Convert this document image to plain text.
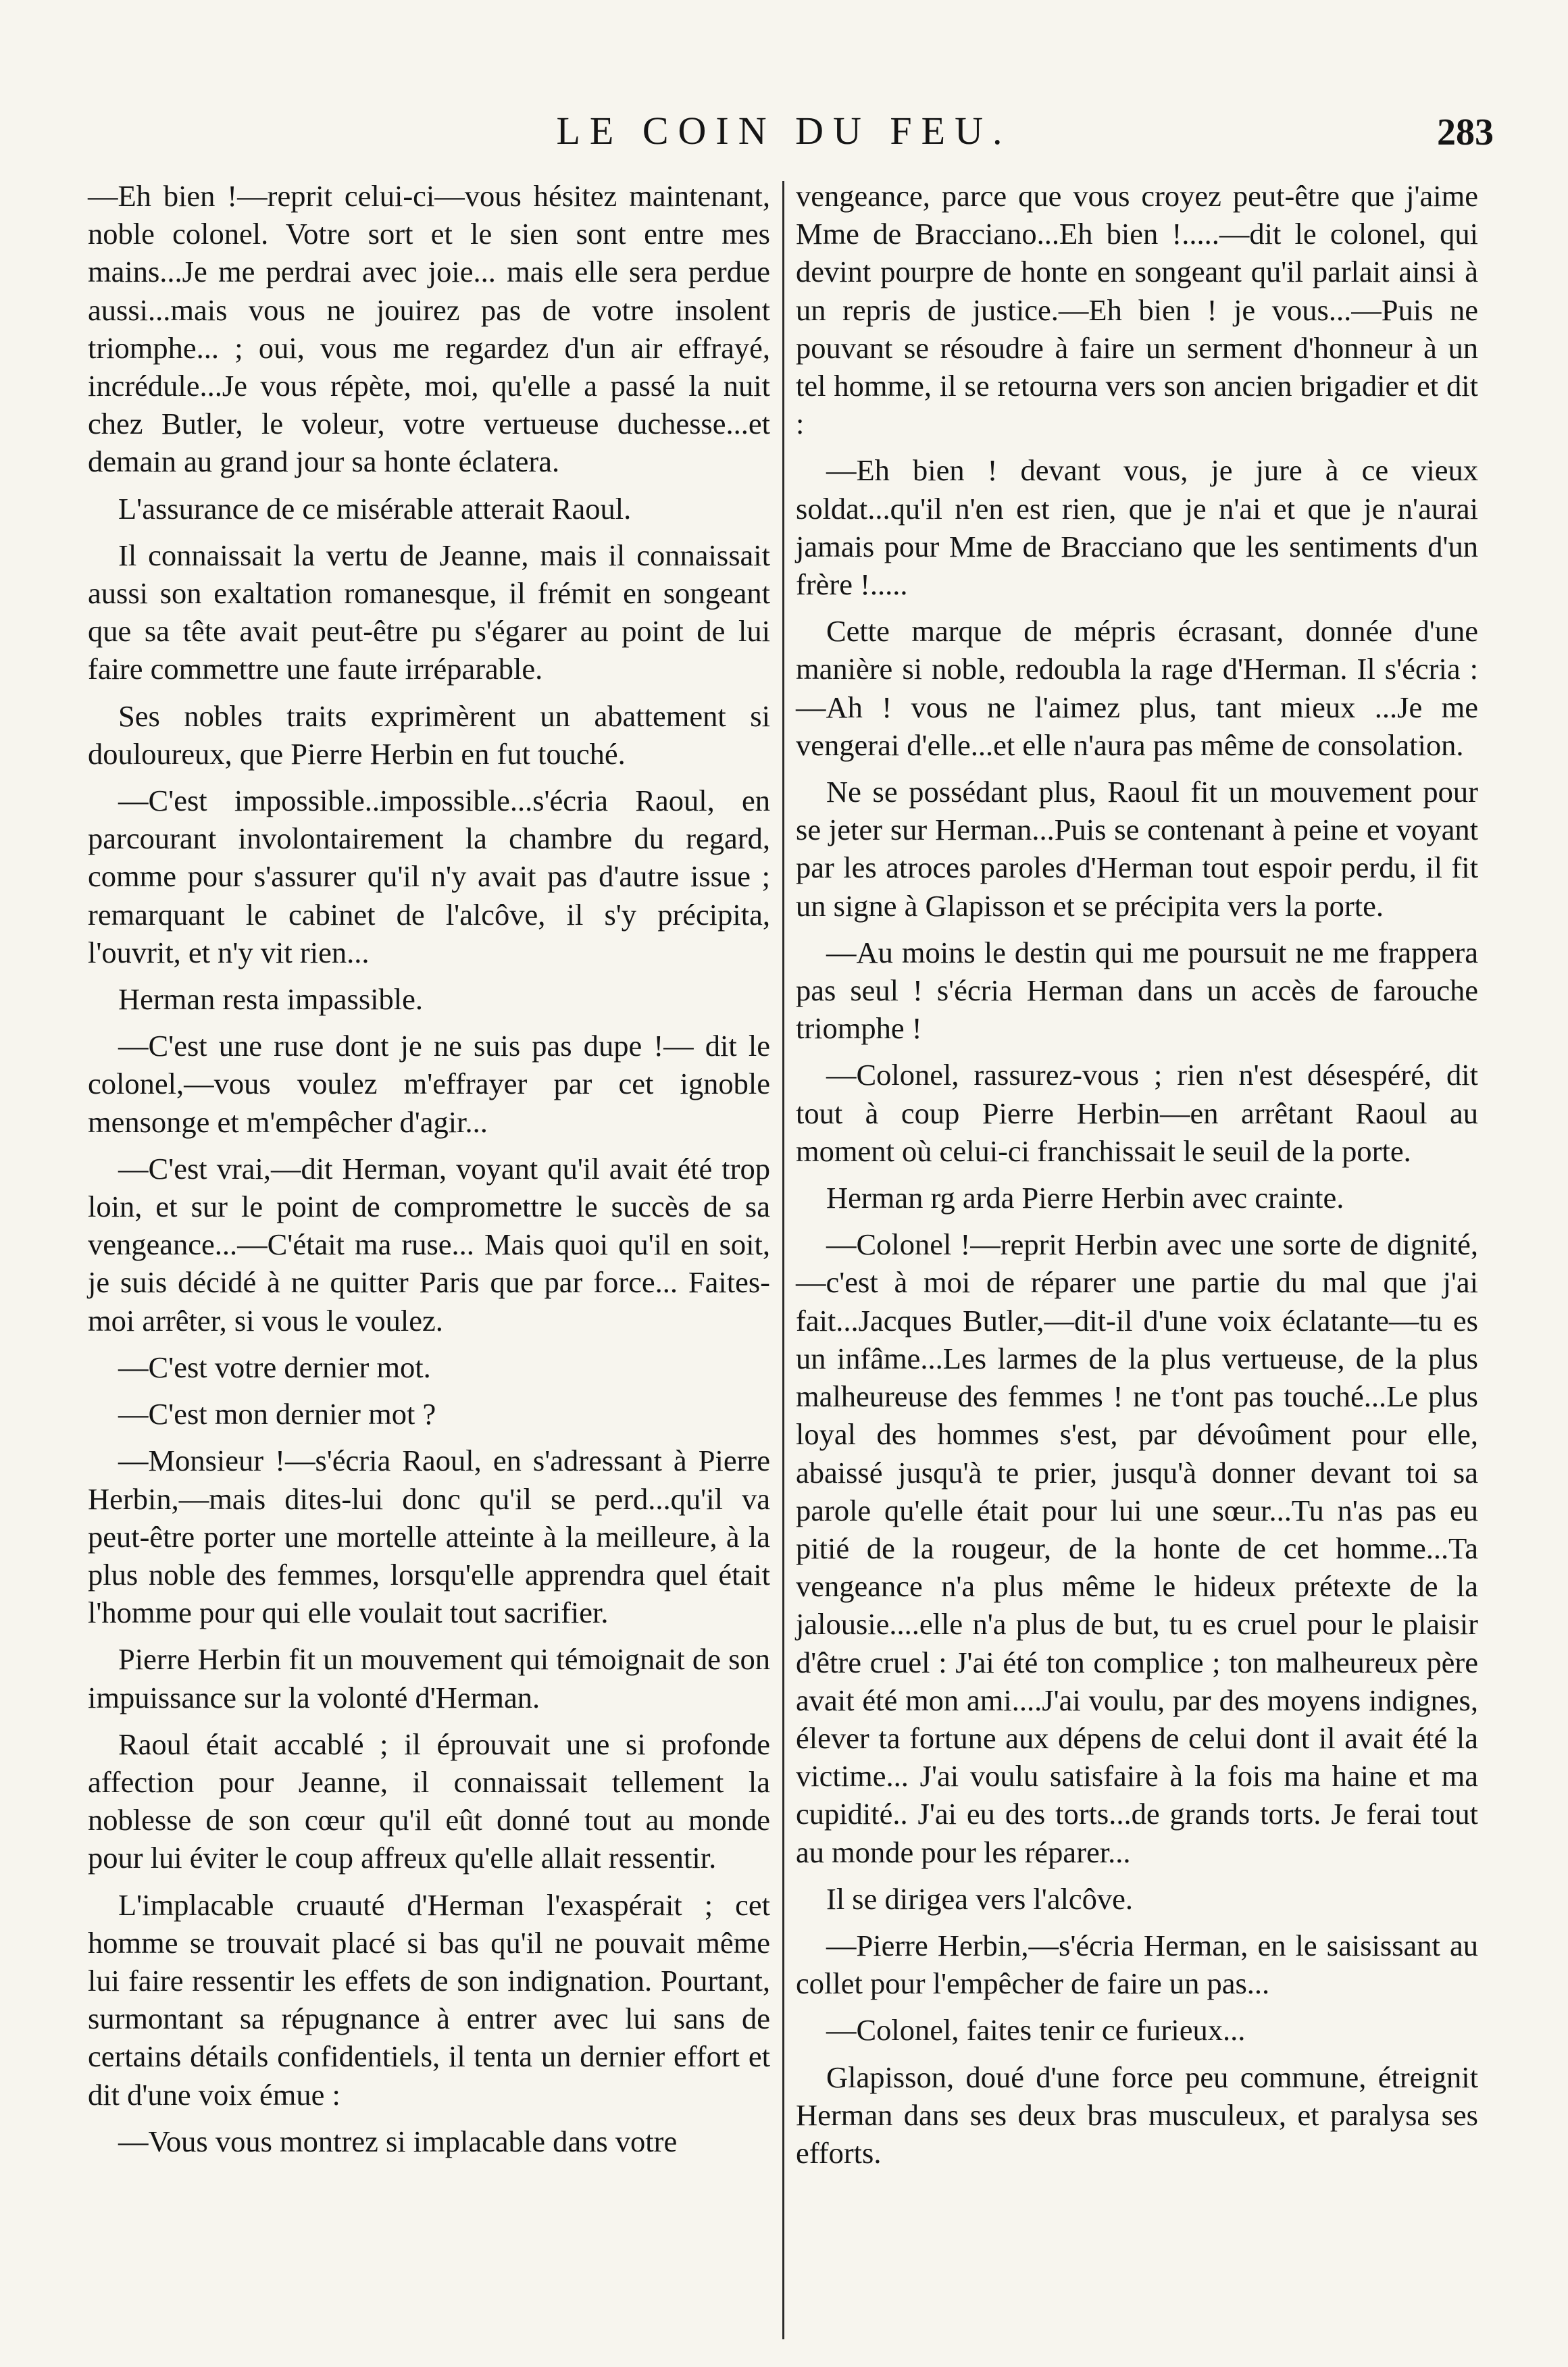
LE COIN DU FEU.	283

—Eh bien !—reprit celui-ci—vous hésitez maintenant, noble colonel. Votre sort et le sien sont entre mes mains...Je me perdrai avec joie... mais elle sera perdue aussi...mais vous ne jouirez pas de votre insolent triomphe... ; oui, vous me regardez d'un air effrayé, incrédule...Je vous répète, moi, qu'elle a passé la nuit chez Butler, le voleur, votre vertueuse duchesse...et demain au grand jour sa honte éclatera.

L'assurance de ce misérable atterait Raoul.

Il connaissait la vertu de Jeanne, mais il connaissait aussi son exaltation romanesque, il frémit en songeant que sa tête avait peut-être pu s'égarer au point de lui faire commettre une faute irréparable.

Ses nobles traits exprimèrent un abattement si douloureux, que Pierre Herbin en fut touché.

—C'est impossible..impossible...s'écria Raoul, en parcourant involontairement la chambre du regard, comme pour s'assurer qu'il n'y avait pas d'autre issue ; remarquant le cabinet de l'alcôve, il s'y précipita, l'ouvrit, et n'y vit rien...

Herman resta impassible.

—C'est une ruse dont je ne suis pas dupe !— dit le colonel,—vous voulez m'effrayer par cet ignoble mensonge et m'empêcher d'agir...

—C'est vrai,—dit Herman, voyant qu'il avait été trop loin, et sur le point de compromettre le succès de sa vengeance...—C'était ma ruse... Mais quoi qu'il en soit, je suis décidé à ne quitter Paris que par force... Faites-moi arrêter, si vous le voulez.

—C'est votre dernier mot.

—C'est mon dernier mot ?

—Monsieur !—s'écria Raoul, en s'adressant à Pierre Herbin,—mais dites-lui donc qu'il se perd...qu'il va peut-être porter une mortelle atteinte à la meilleure, à la plus noble des femmes, lorsqu'elle apprendra quel était l'homme pour qui elle voulait tout sacrifier.

Pierre Herbin fit un mouvement qui témoignait de son impuissance sur la volonté d'Herman.

Raoul était accablé ; il éprouvait une si profonde affection pour Jeanne, il connaissait tellement la noblesse de son cœur qu'il eût donné tout au monde pour lui éviter le coup affreux qu'elle allait ressentir.

L'implacable cruauté d'Herman l'exaspérait ; cet homme se trouvait placé si bas qu'il ne pouvait même lui faire ressentir les effets de son indignation. Pourtant, surmontant sa répugnance à entrer avec lui sans de certains détails confidentiels, il tenta un dernier effort et dit d'une voix émue :

—Vous vous montrez si implacable dans votre

vengeance, parce que vous croyez peut-être que j'aime Mme de Bracciano...Eh bien !.....—dit le colonel, qui devint pourpre de honte en songeant qu'il parlait ainsi à un repris de justice.—Eh bien ! je vous...—Puis ne pouvant se résoudre à faire un serment d'honneur à un tel homme, il se retourna vers son ancien brigadier et dit :

—Eh bien ! devant vous, je jure à ce vieux soldat...qu'il n'en est rien, que je n'ai et que je n'aurai jamais pour Mme de Bracciano que les sentiments d'un frère !.....

Cette marque de mépris écrasant, donnée d'une manière si noble, redoubla la rage d'Herman. Il s'écria :—Ah ! vous ne l'aimez plus, tant mieux ...Je me vengerai d'elle...et elle n'aura pas même de consolation.

Ne se possédant plus, Raoul fit un mouvement pour se jeter sur Herman...Puis se contenant à peine et voyant par les atroces paroles d'Herman tout espoir perdu, il fit un signe à Glapisson et se précipita vers la porte.

—Au moins le destin qui me poursuit ne me frappera pas seul ! s'écria Herman dans un accès de farouche triomphe !

—Colonel, rassurez-vous ; rien n'est désespéré, dit tout à coup Pierre Herbin—en arrêtant Raoul au moment où celui-ci franchissait le seuil de la porte.

Herman rg arda Pierre Herbin avec crainte.

—Colonel !—reprit Herbin avec une sorte de dignité,—c'est à moi de réparer une partie du mal que j'ai fait...Jacques Butler,—dit-il d'une voix éclatante—tu es un infâme...Les larmes de la plus vertueuse, de la plus malheureuse des femmes ! ne t'ont pas touché...Le plus loyal des hommes s'est, par dévoûment pour elle, abaissé jusqu'à te prier, jusqu'à donner devant toi sa parole qu'elle était pour lui une sœur...Tu n'as pas eu pitié de la rougeur, de la honte de cet homme...Ta vengeance n'a plus même le hideux prétexte de la jalousie....elle n'a plus de but, tu es cruel pour le plaisir d'être cruel : J'ai été ton complice ; ton malheureux père avait été mon ami....J'ai voulu, par des moyens indignes, élever ta fortune aux dépens de celui dont il avait été la victime... J'ai voulu satisfaire à la fois ma haine et ma cupidité.. J'ai eu des torts...de grands torts. Je ferai tout au monde pour les réparer...

Il se dirigea vers l'alcôve.

—Pierre Herbin,—s'écria Herman, en le saisissant au collet pour l'empêcher de faire un pas...

—Colonel, faites tenir ce furieux...

Glapisson, doué d'une force peu commune, étreignit Herman dans ses deux bras musculeux, et paralysa ses efforts.
